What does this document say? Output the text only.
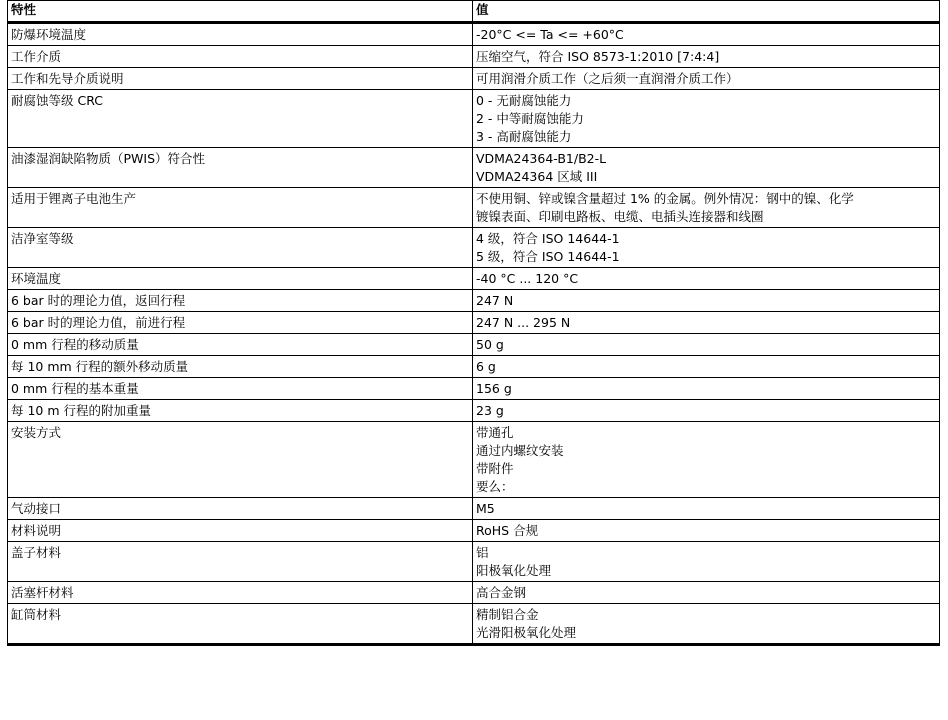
特性	值
防爆环境温度	-20°C <= Ta <= +60°C

工作介质	压缩空气，符合 ISO 8573-1:2010 [7:4:4]

工作和先导介质说明	可用润滑介质工作（之后须一直润滑介质工作）

耐腐蚀等级 CRC	0 - 无耐腐蚀能力
2 - 中等耐腐蚀能力
3 - 高耐腐蚀能力

油漆湿润缺陷物质（PWIS）符合性	VDMA24364-B1/B2-L
VDMA24364 区域 III

适用于锂离子电池生产	不使用铜、锌或镍含量超过 1% 的金属。例外情况：钢中的镍、化学
镀镍表面、印刷电路板、电缆、电插头连接器和线圈

洁净室等级	4 级，符合 ISO 14644-1
5 级，符合 ISO 14644-1

环境温度	-40 °C ... 120 °C

6 bar 时的理论力值，返回行程	247 N

6 bar 时的理论力值，前进行程	247 N ... 295 N

0 mm 行程的移动质量	50 g

每 10 mm 行程的额外移动质量	6 g

0 mm 行程的基本重量	156 g

每 10 m 行程的附加重量	23 g

安装方式	带通孔
通过内螺纹安装
带附件
要么：

气动接口	M5

材料说明	RoHS 合规

盖子材料	铝
阳极氧化处理

活塞杆材料	高合金钢

缸筒材料	精制铝合金
光滑阳极氧化处理
